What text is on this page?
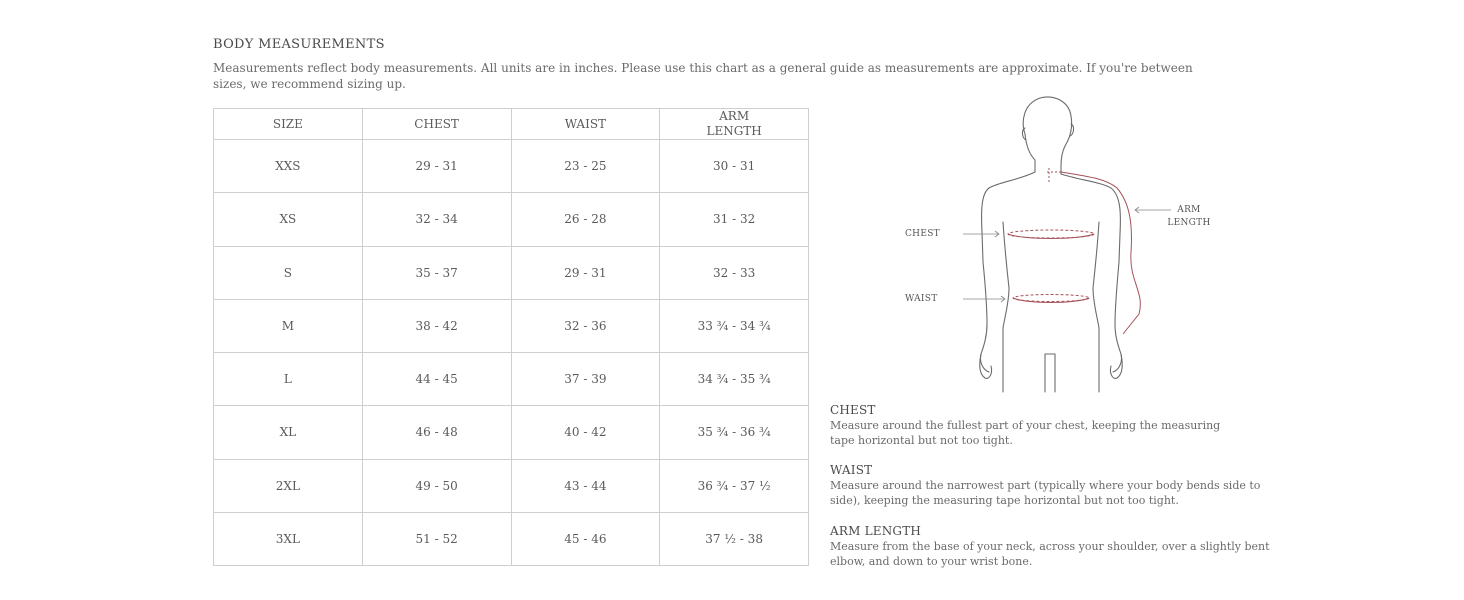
BODY MEASUREMENTS
Measurements reflect body measurements. All units are in inches. Please use this chart as a general guide as measurements are approximate. If you're between sizes, we recommend sizing up.
SIZE	CHEST	WAIST	ARM LENGTH
XXS	29 - 31	23 - 25	30 - 31
XS	32 - 34	26 - 28	31 - 32
S	35 - 37	29 - 31	32 - 33
M	38 - 42	32 - 36	33 ¾ - 34 ¾
L	44 - 45	37 - 39	34 ¾ - 35 ¾
XL	46 - 48	40 - 42	35 ¾ - 36 ¾
2XL	49 - 50	43 - 44	36 ¾ - 37 ½
3XL	51 - 52	45 - 46	37 ½ - 38
CHEST
WAIST
ARM LENGTH
CHEST
Measure around the fullest part of your chest, keeping the measuring tape horizontal but not too tight.
WAIST
Measure around the narrowest part (typically where your body bends side to side), keeping the measuring tape horizontal but not too tight.
ARM LENGTH
Measure from the base of your neck, across your shoulder, over a slightly bent elbow, and down to your wrist bone.
